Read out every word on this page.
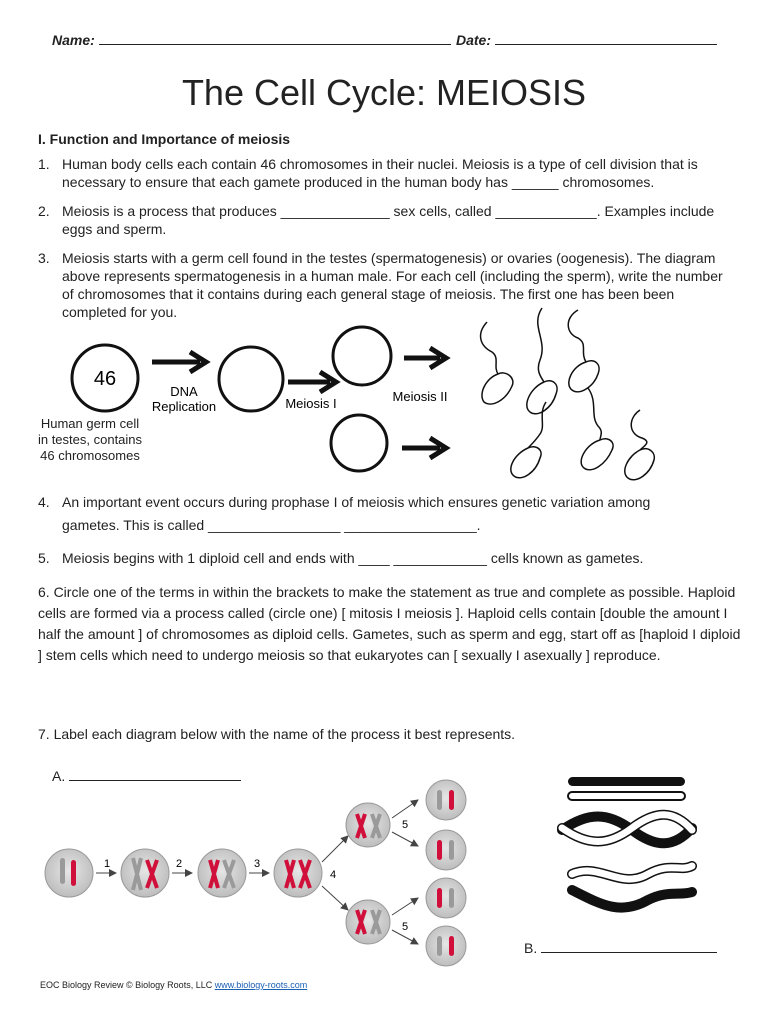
Name:	Date:
The Cell Cycle: MEIOSIS
I. Function and Importance of meiosis
1. Human body cells each contain 46 chromosomes in their nuclei. Meiosis is a type of cell division that is necessary to ensure that each gamete produced in the human body has ______ chromosomes.
2. Meiosis is a process that produces ______________ sex cells, called _____________. Examples include eggs and sperm.
3. Meiosis starts with a germ cell found in the testes (spermatogenesis) or ovaries (oogenesis). The diagram above represents spermatogenesis in a human male. For each cell (including the sperm), write the number of chromosomes that it contains during each general stage of meiosis. The first one has been been completed for you.
46
DNA
Replication	Meiosis I	Meiosis II
Human germ cell
in testes, contains
46 chromosomes
4. An important event occurs during prophase I of meiosis which ensures genetic variation among
gametes. This is called _________________ _________________.
5. Meiosis begins with 1 diploid cell and ends with ____ ____________ cells known as gametes.
6. Circle one of the terms in within the brackets to make the statement as true and complete as possible. Haploid cells are formed via a process called (circle one) [ mitosis I meiosis ]. Haploid cells contain [double the amount I half the amount ] of chromosomes as diploid cells. Gametes, such as sperm and egg, start off as [haploid I diploid ] stem cells which need to undergo meiosis so that eukaryotes can [ sexually I asexually ] reproduce.
7. Label each diagram below with the name of the process it best represents.
A.
1	2	3
4
5
5
B.
EOC Biology Review © Biology Roots, LLC www.biology-roots.com
